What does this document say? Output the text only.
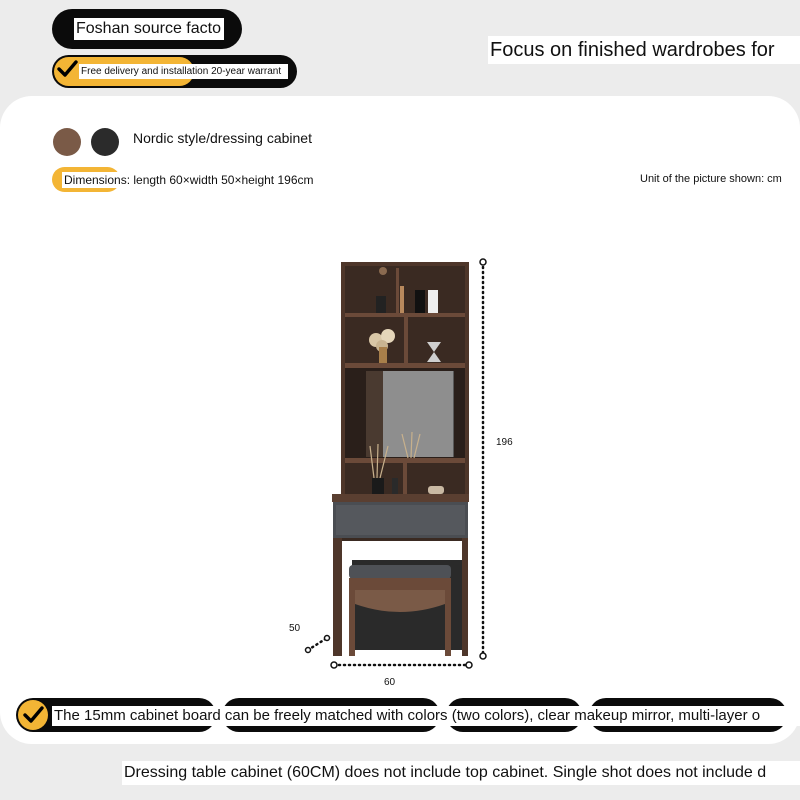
Foshan source facto
Free delivery and installation 20-year warrant
Focus on finished wardrobes for
Nordic style/dressing cabinet
Dimensions: length 60×width 50×height 196cm	Unit of the picture shown: cm
196
50
60
The 15mm cabinet board can be freely matched with colors (two colors), clear makeup mirror, multi-layer o
Dressing table cabinet (60CM) does not include top cabinet. Single shot does not include d
